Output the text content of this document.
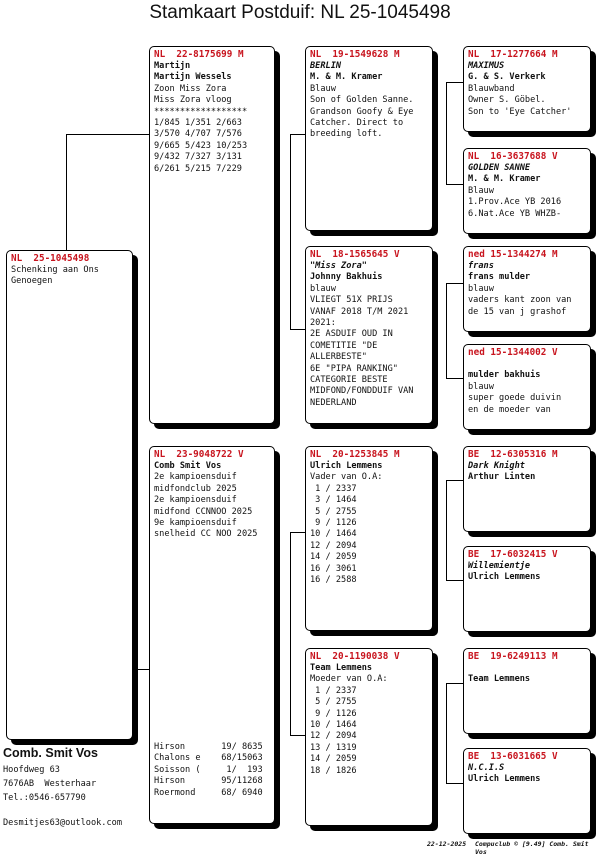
Stamkaart Postduif: NL 25-1045498
NL  25-1045498
Schenking aan Ons
Genoegen
NL  22-8175699 M
Martijn
Martijn Wessels
Zoon Miss Zora
Miss Zora vloog
******************
1/845 1/351 2/663
3/570 4/707 7/576
9/665 5/423 10/253
9/432 7/327 3/131
6/261 5/215 7/229
NL  23-9048722 V
Comb Smit Vos
2e kampioensduif
midfondclub 2025
2e kampioensduif
midfond CCNNOO 2025
9e kampioensduif
snelheid CC NOO 2025
Hirson       19/ 8635
Chalons e    68/15063
Soisson (     1/  193
Hirson       95/11268
Roermond     68/ 6940
NL  19-1549628 M
BERLIN
M. & M. Kramer
Blauw
Son of Golden Sanne.
Grandson Goofy & Eye
Catcher. Direct to
breeding loft.
NL  18-1565645 V
"Miss Zora"
Johnny Bakhuis
blauw
VLIEGT 51X PRIJS
VANAF 2018 T/M 2021
2021:
2E ASDUIF OUD IN
COMETITIE "DE
ALLERBESTE"
6E "PIPA RANKING"
CATEGORIE BESTE
MIDFOND/FONDDUIF VAN
NEDERLAND
NL  20-1253845 M
Ulrich Lemmens
Vader van O.A:
1 / 2337
3 / 1464
5 / 2755
9 / 1126
10 / 1464
12 / 2094
14 / 2059
16 / 3061
16 / 2588
NL  20-1190038 V
Team Lemmens
Moeder van O.A:
1 / 2337
5 / 2755
9 / 1126
10 / 1464
12 / 2094
13 / 1319
14 / 2059
18 / 1826
NL  17-1277664 M
MAXIMUS
G. & S. Verkerk
Blauwband
Owner S. Göbel.
Son to 'Eye Catcher'
NL  16-3637688 V
GOLDEN SANNE
M. & M. Kramer
Blauw
1.Prov.Ace YB 2016
6.Nat.Ace YB WHZB-
ned 15-1344274 M
frans
frans mulder
blauw
vaders kant zoon van
de 15 van j grashof
ned 15-1344002 V
mulder bakhuis
blauw
super goede duivin
en de moeder van
BE  12-6305316 M
Dark Knight
Arthur Linten
BE  17-6032415 V
Willemientje
Ulrich Lemmens
BE  19-6249113 M
Team Lemmens
BE  13-6031665 V
N.C.I.S
Ulrich Lemmens
Comb. Smit Vos
Hoofdweg 63
7676AB  Westerhaar
Tel.:0546-657790
Desmitjes63@outlook.com
22-12-2025 Compuclub © [9.49] Comb. Smit Vos
